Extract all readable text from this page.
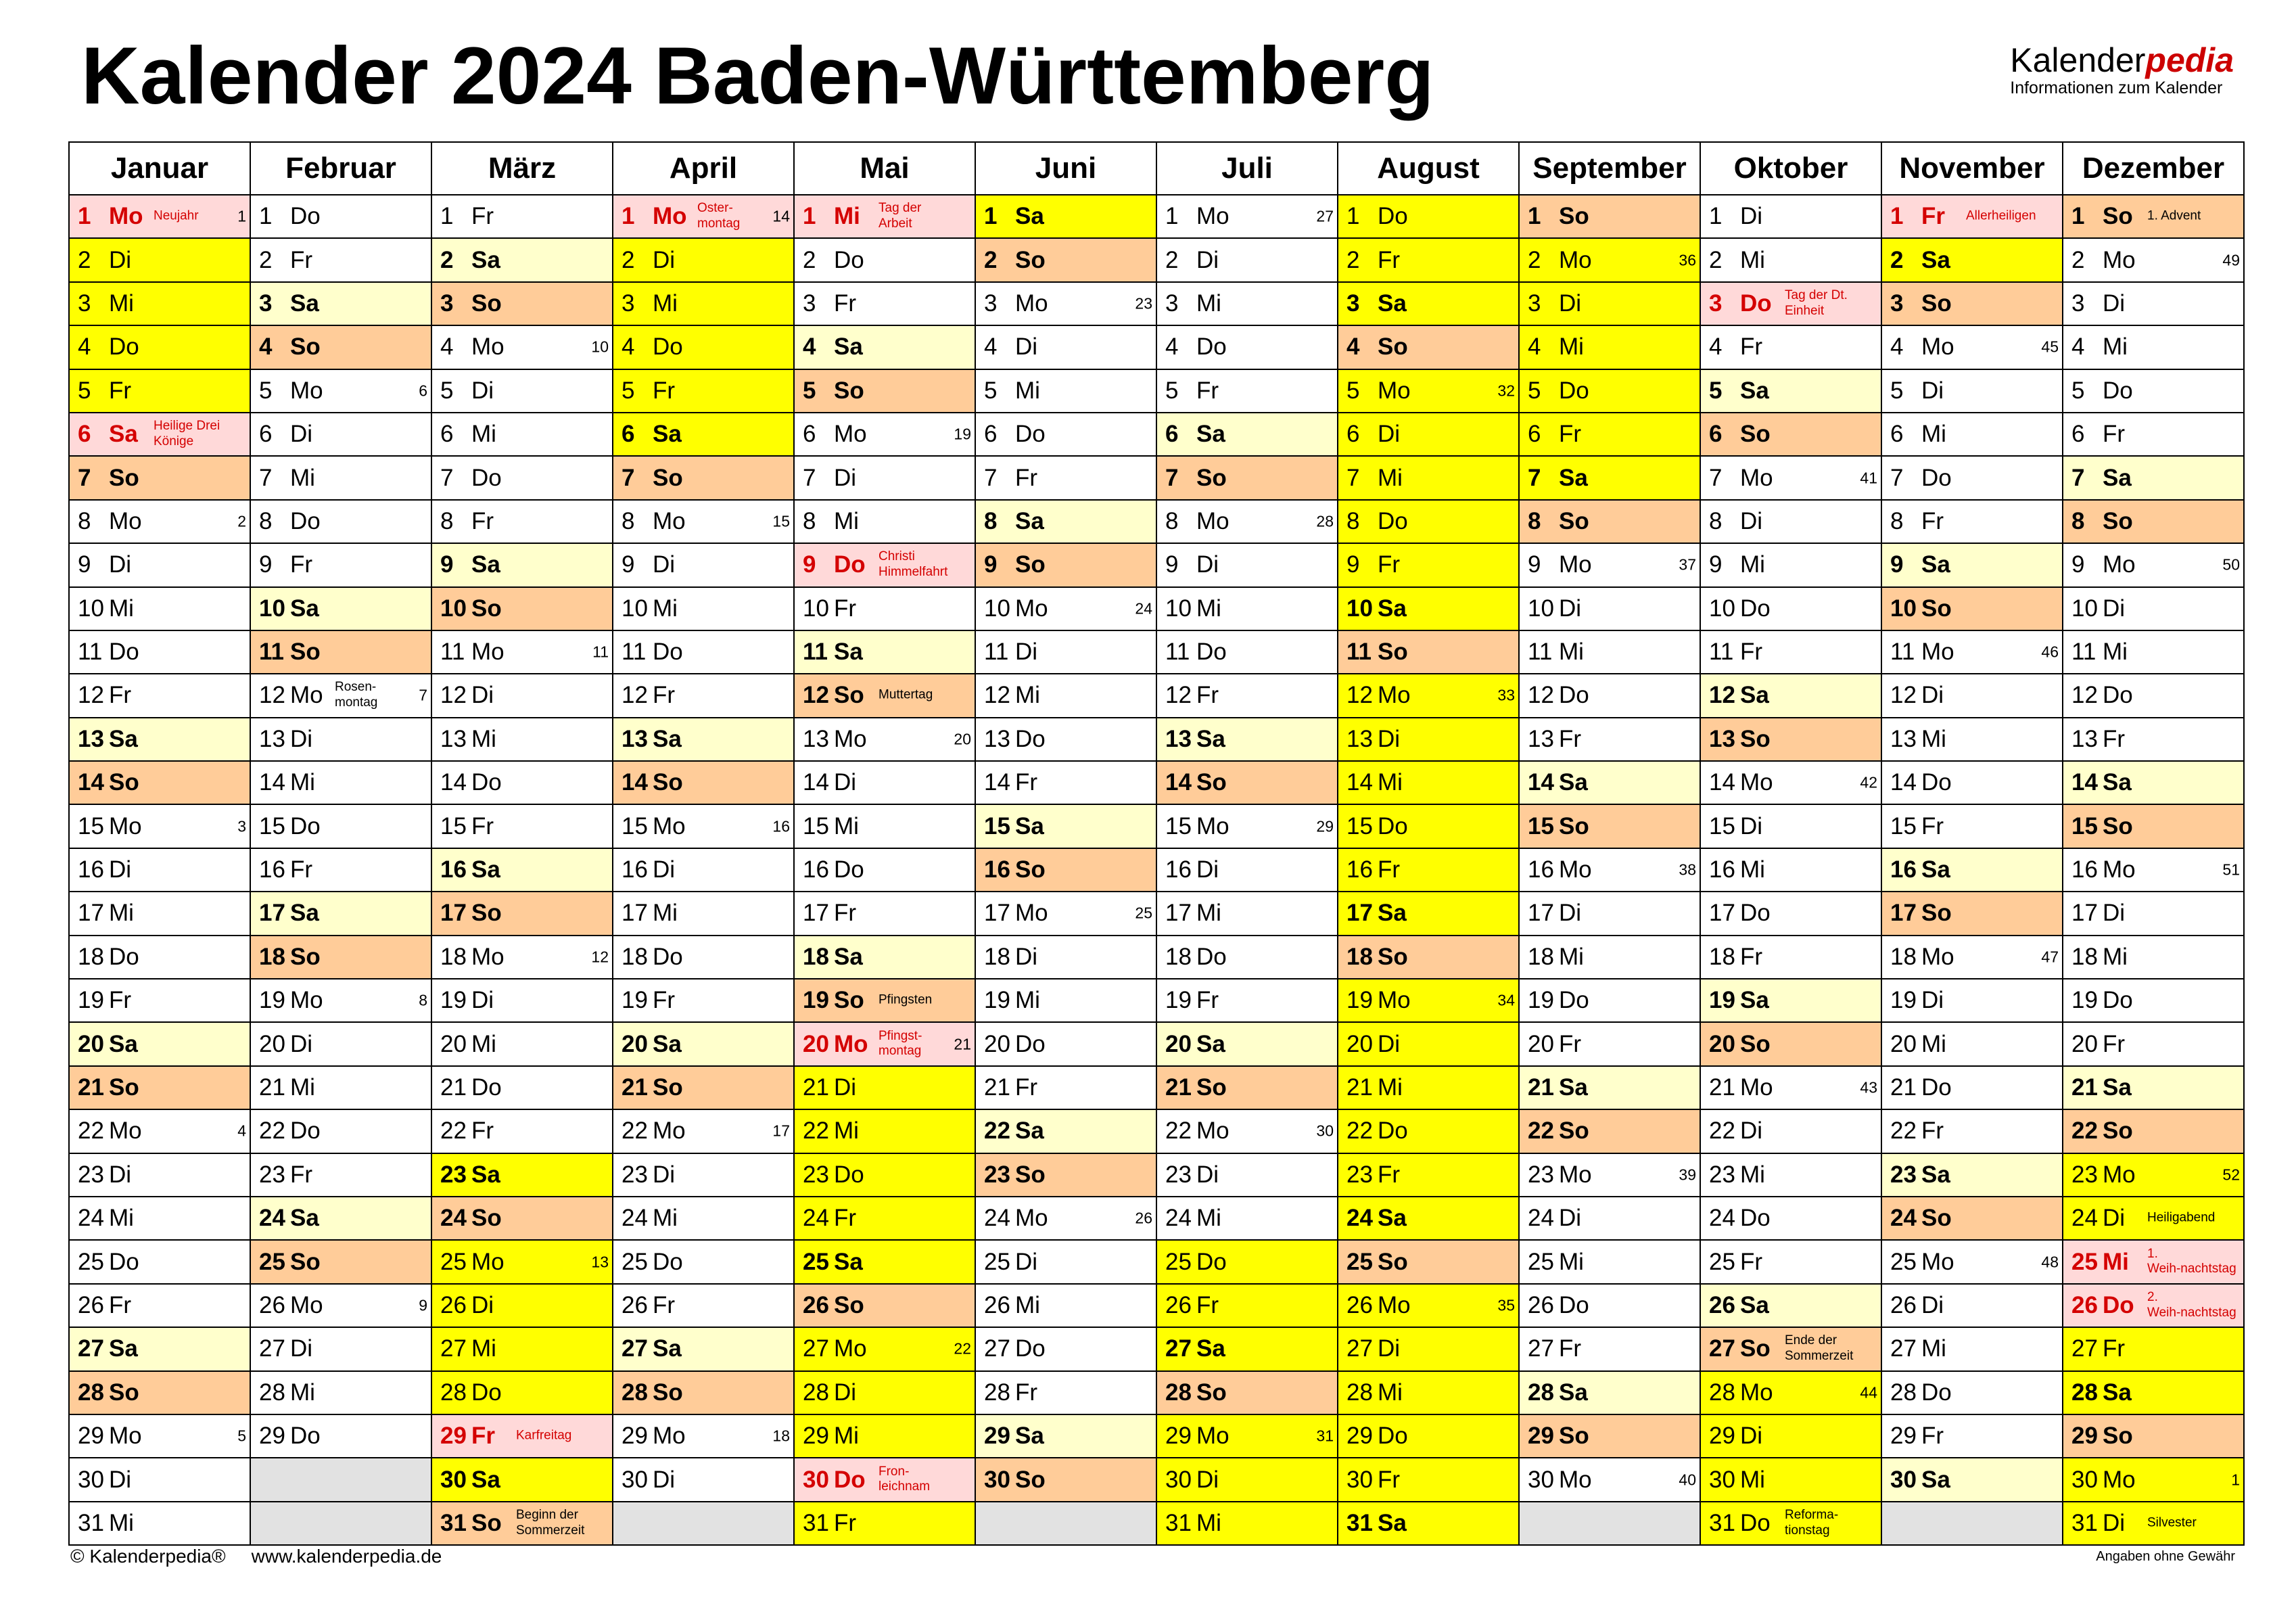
Kalender 2024 Baden-Württemberg	Kalenderpedia
Informationen zum Kalender
Januar	Februar	März	April	Mai	Juni	Juli	August	September	Oktober	November	Dezember

1 Mo Neujahr 1	1 Do	1 Fr	1 Mo Oster-
montag 14	1 Mi Tag der
Arbeit	1 Sa	1 Mo 27	1 Do	1 So	1 Di	1 Fr Allerheiligen	1 So 1. Advent

2 Di	2 Fr	2 Sa	2 Di	2 Do	2 So	2 Di	2 Fr	2 Mo 36	2 Mi	2 Sa	2 Mo 49

3 Mi	3 Sa	3 So	3 Mi	3 Fr	3 Mo 23	3 Mi	3 Sa	3 Di	3 Do Tag der Dt.
Einheit	3 So	3 Di

4 Do	4 So	4 Mo 10	4 Do	4 Sa	4 Di	4 Do	4 So	4 Mi	4 Fr	4 Mo 45	4 Mi

5 Fr	5 Mo 6	5 Di	5 Fr	5 So	5 Mi	5 Fr	5 Mo 32	5 Do	5 Sa	5 Di	5 Do

6 Sa Heilige Drei
Könige	6 Di	6 Mi	6 Sa	6 Mo 19	6 Do	6 Sa	6 Di	6 Fr	6 So	6 Mi	6 Fr

7 So	7 Mi	7 Do	7 So	7 Di	7 Fr	7 So	7 Mi	7 Sa	7 Mo 41	7 Do	7 Sa

8 Mo 2	8 Do	8 Fr	8 Mo 15	8 Mi	8 Sa	8 Mo 28	8 Do	8 So	8 Di	8 Fr	8 So

9 Di	9 Fr	9 Sa	9 Di	9 Do Christi
Himmelfahrt	9 So	9 Di	9 Fr	9 Mo 37	9 Mi	9 Sa	9 Mo 50

10 Mi	10 Sa	10 So	10 Mi	10 Fr	10 Mo 24	10 Mi	10 Sa	10 Di	10 Do	10 So	10 Di

11 Do	11 So	11 Mo 11	11 Do	11 Sa	11 Di	11 Do	11 So	11 Mi	11 Fr	11 Mo 46	11 Mi

12 Fr	12 Mo Rosen-
montag 7	12 Di	12 Fr	12 So Muttertag	12 Mi	12 Fr	12 Mo 33	12 Do	12 Sa	12 Di	12 Do

13 Sa	13 Di	13 Mi	13 Sa	13 Mo 20	13 Do	13 Sa	13 Di	13 Fr	13 So	13 Mi	13 Fr

14 So	14 Mi	14 Do	14 So	14 Di	14 Fr	14 So	14 Mi	14 Sa	14 Mo 42	14 Do	14 Sa

15 Mo 3	15 Do	15 Fr	15 Mo 16	15 Mi	15 Sa	15 Mo 29	15 Do	15 So	15 Di	15 Fr	15 So

16 Di	16 Fr	16 Sa	16 Di	16 Do	16 So	16 Di	16 Fr	16 Mo 38	16 Mi	16 Sa	16 Mo 51

17 Mi	17 Sa	17 So	17 Mi	17 Fr	17 Mo 25	17 Mi	17 Sa	17 Di	17 Do	17 So	17 Di

18 Do	18 So	18 Mo 12	18 Do	18 Sa	18 Di	18 Do	18 So	18 Mi	18 Fr	18 Mo 47	18 Mi

19 Fr	19 Mo 8	19 Di	19 Fr	19 So Pfingsten	19 Mi	19 Fr	19 Mo 34	19 Do	19 Sa	19 Di	19 Do

20 Sa	20 Di	20 Mi	20 Sa	20 Mo Pfingst-
montag 21	20 Do	20 Sa	20 Di	20 Fr	20 So	20 Mi	20 Fr

21 So	21 Mi	21 Do	21 So	21 Di	21 Fr	21 So	21 Mi	21 Sa	21 Mo 43	21 Do	21 Sa

22 Mo 4	22 Do	22 Fr	22 Mo 17	22 Mi	22 Sa	22 Mo 30	22 Do	22 So	22 Di	22 Fr	22 So

23 Di	23 Fr	23 Sa	23 Di	23 Do	23 So	23 Di	23 Fr	23 Mo 39	23 Mi	23 Sa	23 Mo 52

24 Mi	24 Sa	24 So	24 Mi	24 Fr	24 Mo 26	24 Mi	24 Sa	24 Di	24 Do	24 So	24 Di Heiligabend

25 Do	25 So	25 Mo 13	25 Do	25 Sa	25 Di	25 Do	25 So	25 Mi	25 Fr	25 Mo 48	25 Mi 1.
Weih-nachtstag

26 Fr	26 Mo 9	26 Di	26 Fr	26 So	26 Mi	26 Fr	26 Mo 35	26 Do	26 Sa	26 Di	26 Do 2.
Weih-nachtstag

27 Sa	27 Di	27 Mi	27 Sa	27 Mo 22	27 Do	27 Sa	27 Di	27 Fr	27 So Ende der
Sommerzeit	27 Mi	27 Fr

28 So	28 Mi	28 Do	28 So	28 Di	28 Fr	28 So	28 Mi	28 Sa	28 Mo 44	28 Do	28 Sa

29 Mo 5	29 Do	29 Fr Karfreitag	29 Mo 18	29 Mi	29 Sa	29 Mo 31	29 Do	29 So	29 Di	29 Fr	29 So

30 Di		30 Sa	30 Di	30 Do Fron-
leichnam	30 So	30 Di	30 Fr	30 Mo 40	30 Mi	30 Sa	30 Mo 1

31 Mi		31 So Beginn der
Sommerzeit		31 Fr		31 Mi	31 Sa		31 Do Reforma-
tionstag		31 Di Silvester
© Kalenderpedia® www.kalenderpedia.de	Angaben ohne Gewähr
